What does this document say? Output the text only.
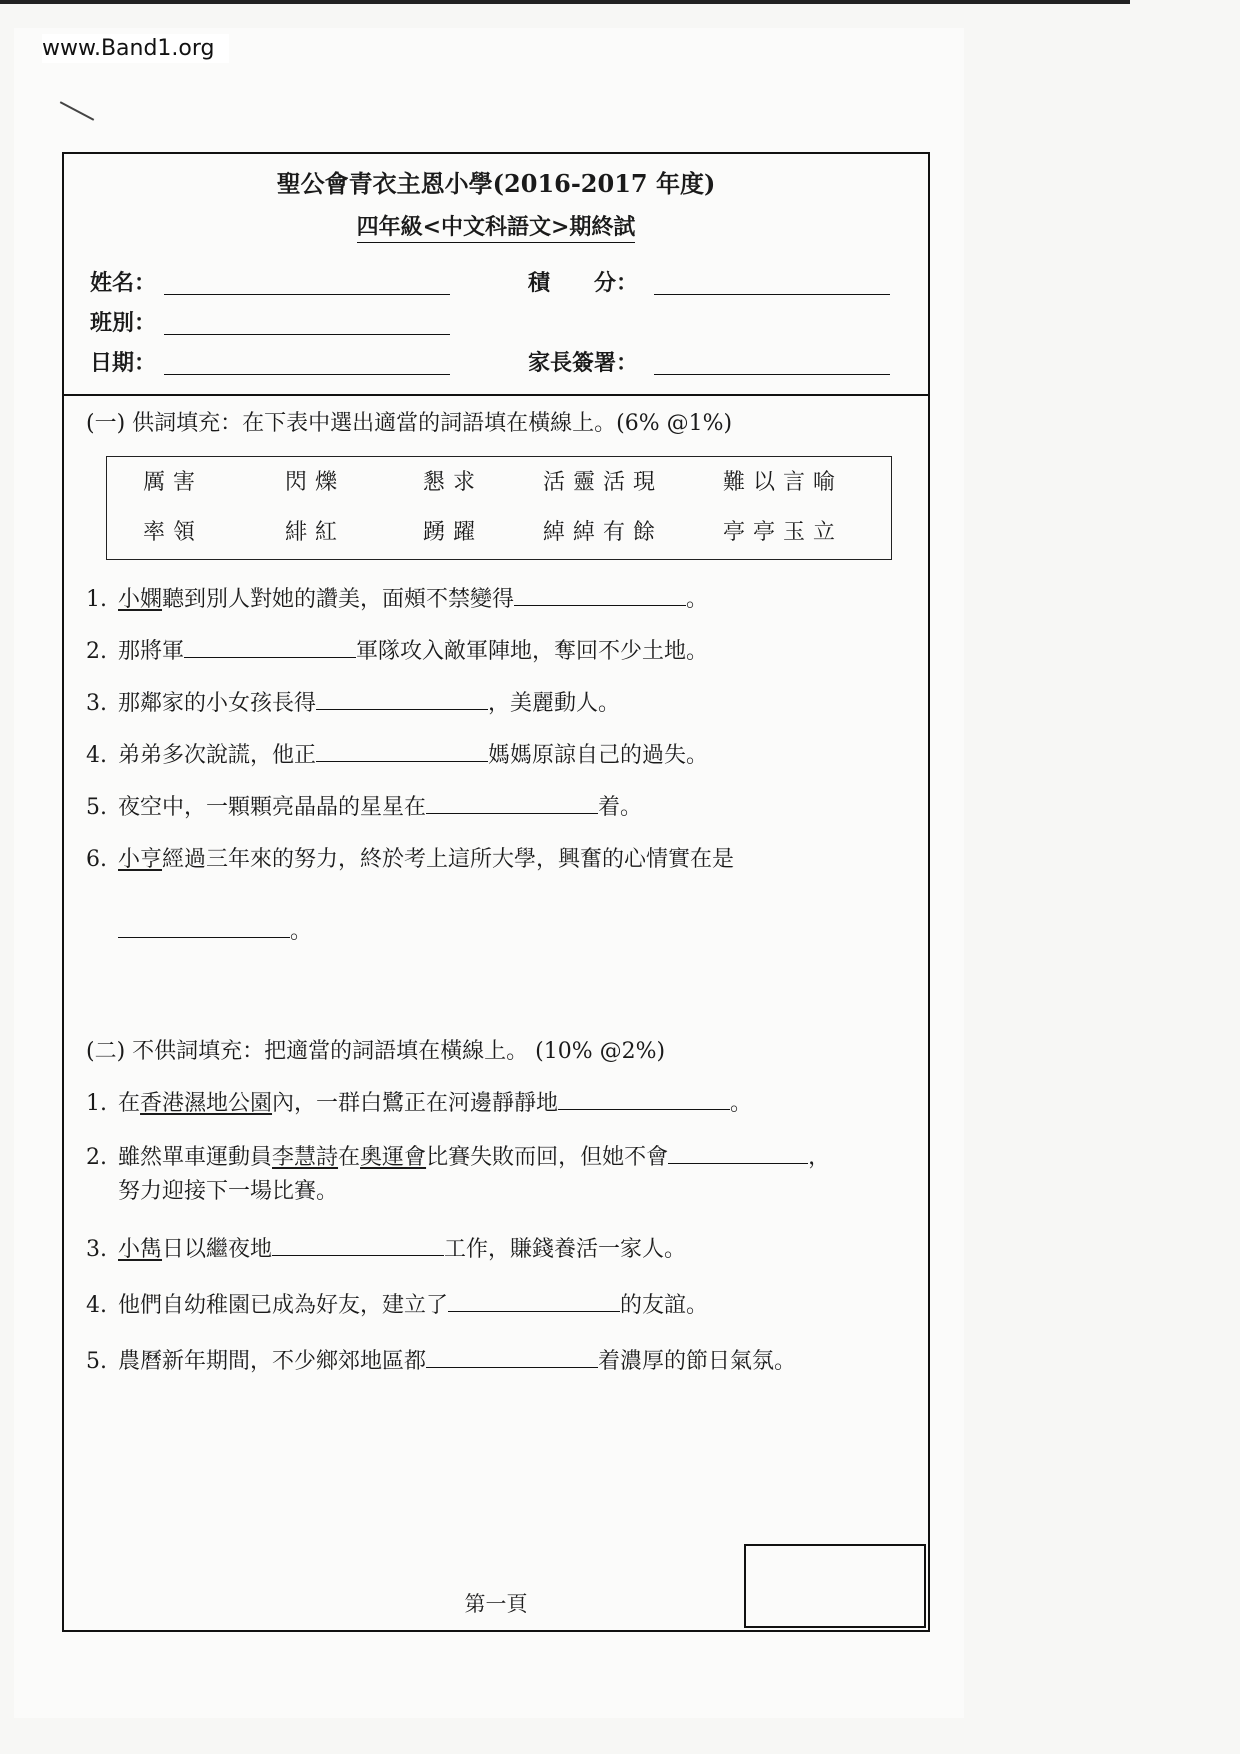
www.Band1.org
聖公會青衣主恩小學(2016-2017 年度)
四年級<中文科語文>期終試
姓名：	積　　分：
班別：
日期：	家長簽署：
(一) 供詞填充：在下表中選出適當的詞語填在橫線上。(6% @1%)
厲害	閃爍	懇求	活靈活現	難以言喻
率領	緋紅	踴躍	綽綽有餘	亭亭玉立
1. 小嫻聽到別人對她的讚美，面頰不禁變得	。
2. 那將軍	軍隊攻入敵軍陣地，奪回不少土地。
3. 那鄰家的小女孩長得	，美麗動人。
4. 弟弟多次說謊，他正	媽媽原諒自己的過失。
5. 夜空中，一顆顆亮晶晶的星星在	着。
6. 小亨經過三年來的努力，終於考上這所大學，興奮的心情實在是
。
(二) 不供詞填充：把適當的詞語填在橫線上。 (10% @2%)
1. 在香港濕地公園內，一群白鷺正在河邊靜靜地	。
2. 雖然單車運動員李慧詩在奧運會比賽失敗而回，但她不會	，
努力迎接下一場比賽。
3. 小雋日以繼夜地	工作，賺錢養活一家人。
4. 他們自幼稚園已成為好友，建立了	的友誼。
5. 農曆新年期間，不少鄉郊地區都	着濃厚的節日氣氛。
第一頁
